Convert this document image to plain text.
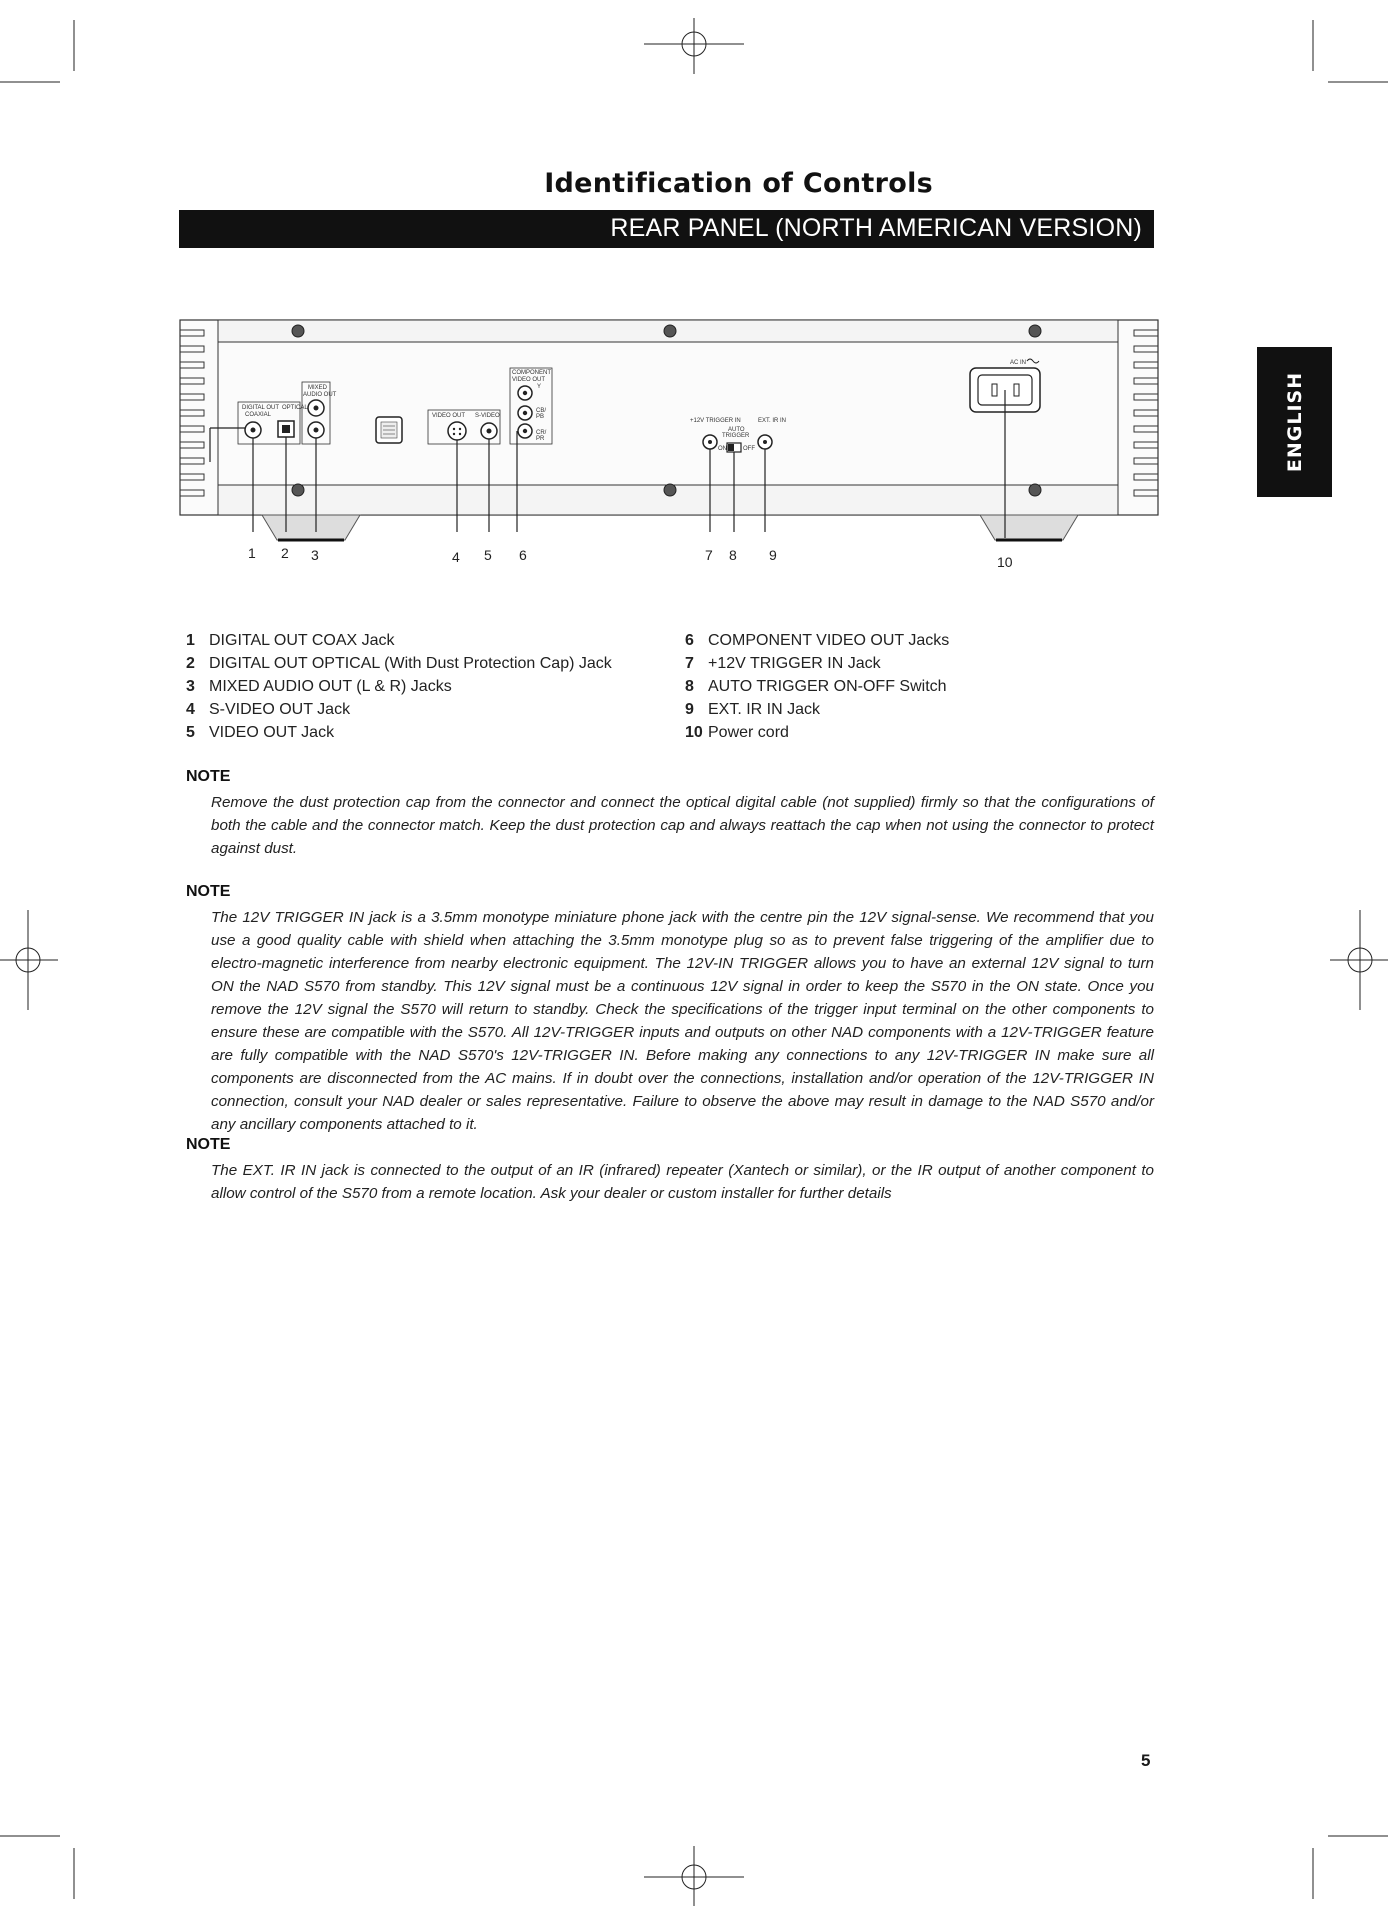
Identification of Controls
REAR PANEL (NORTH AMERICAN VERSION)
ENGLISH
DIGITAL OUT OPTICAL
COAXIAL
MIXED
AUDIO OUT
VIDEO OUT S-VIDEO
COMPONENT
VIDEO OUT
Y
CB/
PB
CR/
PR
+12V TRIGGER IN	EXT. IR IN
AUTO
TRIGGER
ON	OFF
AC IN
1 2 3	4 5 6	7 8 9	10
1 DIGITAL OUT COAX Jack
2 DIGITAL OUT OPTICAL (With Dust Protection Cap) Jack
3 MIXED AUDIO OUT (L & R) Jacks
4 S-VIDEO OUT Jack
5 VIDEO OUT Jack
6 COMPONENT VIDEO OUT Jacks
7 +12V TRIGGER IN Jack
8 AUTO TRIGGER ON-OFF Switch
9 EXT. IR IN Jack
10 Power cord
NOTE

Remove the dust protection cap from the connector and connect the optical digital cable (not supplied) firmly so that the configurations of both the cable and the connector match. Keep the dust protection cap and always reattach the cap when not using the connector to protect against dust.

NOTE

The 12V TRIGGER IN jack is a 3.5mm monotype miniature phone jack with the centre pin the 12V signal-sense. We recommend that you use a good quality cable with shield when attaching the 3.5mm monotype plug so as to prevent false triggering of the amplifier due to electro-magnetic interference from nearby electronic equipment. The 12V-IN TRIGGER allows you to have an external 12V signal to turn ON the NAD S570 from standby. This 12V signal must be a continuous 12V signal in order to keep the S570 in the ON state. Once you remove the 12V signal the S570 will return to standby. Check the specifications of the trigger input terminal on the other components to ensure these are compatible with the S570. All 12V-TRIGGER inputs and outputs on other NAD components with a 12V-TRIGGER feature are fully compatible with the NAD S570's 12V-TRIGGER IN. Before making any connections to any 12V-TRIGGER IN make sure all components are disconnected from the AC mains. If in doubt over the connections, installation and/or operation of the 12V-TRIGGER IN connection, consult your NAD dealer or sales representative. Failure to observe the above may result in damage to the NAD S570 and/or any ancillary components attached to it.

NOTE

The EXT. IR IN jack is connected to the output of an IR (infrared) repeater (Xantech or similar), or the IR output of another component to allow control of the S570 from a remote location. Ask your dealer or custom installer for further details

5
